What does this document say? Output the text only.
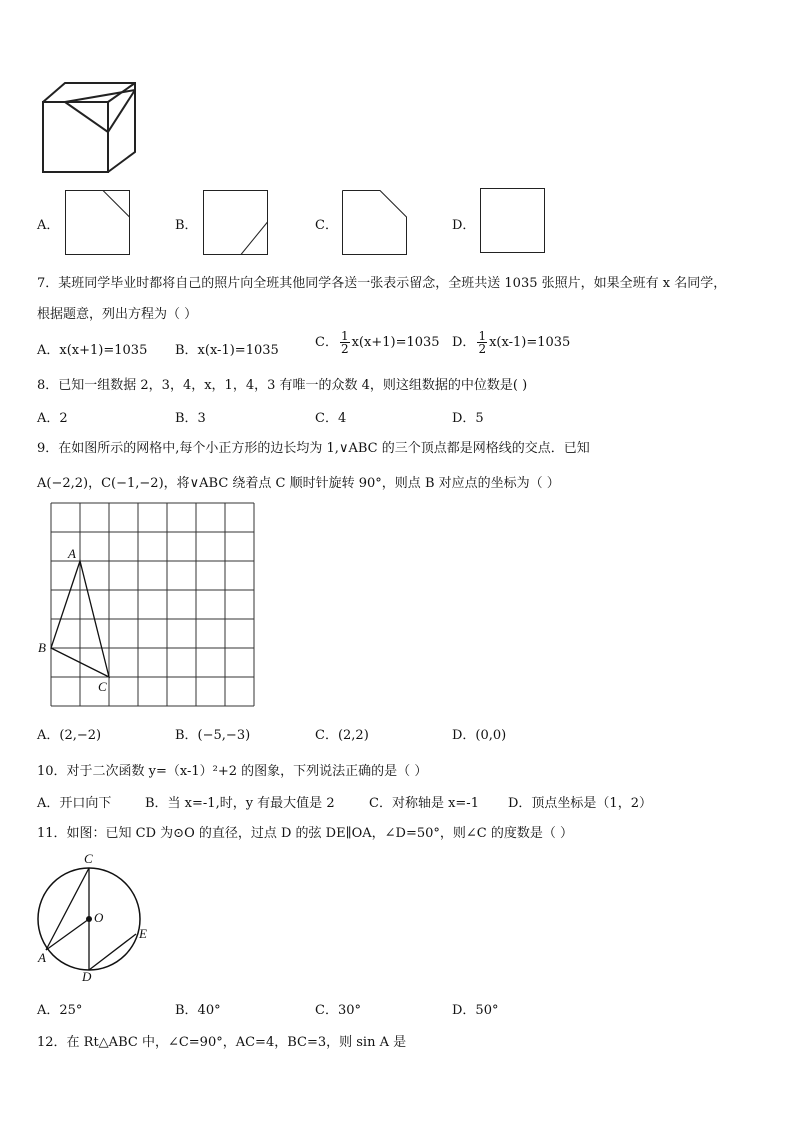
A．	B．	C．	D．
7．某班同学毕业时都将自己的照片向全班其他同学各送一张表示留念，全班共送 1035 张照片，如果全班有 x 名同学，
根据题意，列出方程为（ ）
A．x(x+1)=1035 B．x(x-1)=1035
C． $\frac{1}{2} x(x+1)=1035$ D． $\frac{1}{2} x(x-1)=1035$
8．已知一组数据 2，3，4，x，1，4，3 有唯一的众数 4，则这组数据的中位数是( )
A．2	B．3	C．4	D．5
9．在如图所示的网格中,每个小正方形的边长均为 1,∨ABC 的三个顶点都是网格线的交点．已知
A(−2,2)，C(−1,−2)，将∨ABC 绕着点 C 顺时针旋转 90°，则点 B 对应点的坐标为（ ）
A
B
C
A．(2,−2)	B．(−5,−3)	C．(2,2)	D．(0,0)
10．对于二次函数 y=（x-1）²+2 的图象，下列说法正确的是（ ）
A．开口向下	B．当 x=-1,时，y 有最大值是 2	C．对称轴是 x=-1 D．顶点坐标是（1，2）
11．如图：已知 CD 为⊙O 的直径，过点 D 的弦 DE∥OA，∠D=50°，则∠C 的度数是（ ）
C
O
E
A
D
A．25°	B．40°	C．30°	D．50°
12．在 Rt△ABC 中，∠C=90°，AC=4，BC=3，则 sin A 是
